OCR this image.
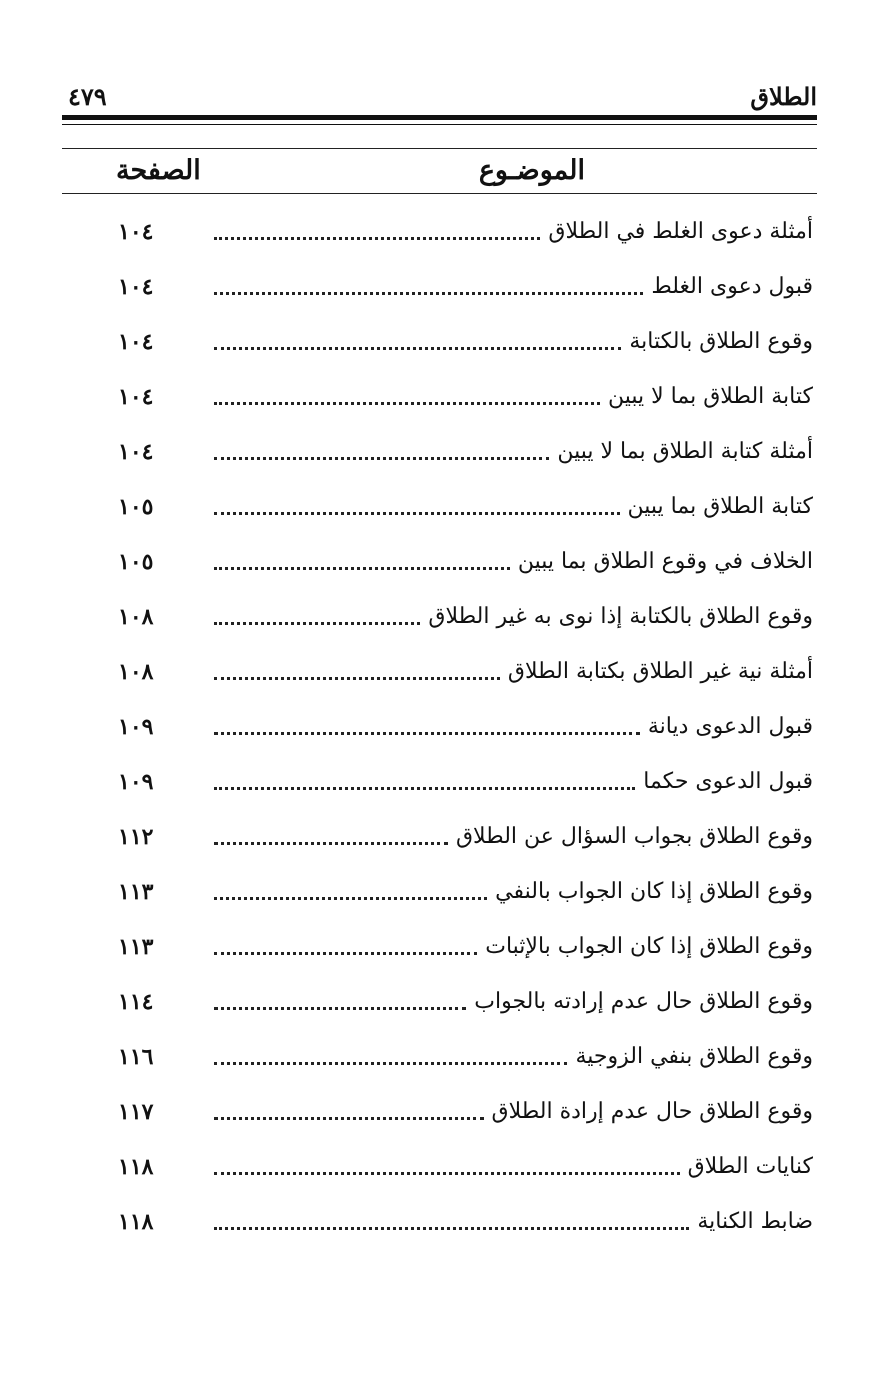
الطلاق
٤٧٩
الموضـوع
الصفحة
أمثلة دعوى الغلط في الطلاق
١٠٤
قبول دعوى الغلط
١٠٤
وقوع الطلاق بالكتابة
١٠٤
كتابة الطلاق بما لا يبين
١٠٤
أمثلة كتابة الطلاق بما لا يبين
١٠٤
كتابة الطلاق بما يبين
١٠٥
الخلاف في وقوع الطلاق بما يبين
١٠٥
وقوع الطلاق بالكتابة إذا نوى به غير الطلاق
١٠٨
أمثلة نية غير الطلاق بكتابة الطلاق
١٠٨
قبول الدعوى ديانة
١٠٩
قبول الدعوى حكما
١٠٩
وقوع الطلاق بجواب السؤال عن الطلاق
١١٢
وقوع الطلاق إذا كان الجواب بالنفي
١١٣
وقوع الطلاق إذا كان الجواب بالإثبات
١١٣
وقوع الطلاق حال عدم إرادته بالجواب
١١٤
وقوع الطلاق بنفي الزوجية
١١٦
وقوع الطلاق حال عدم إرادة الطلاق
١١٧
كنايات الطلاق
١١٨
ضابط الكناية
١١٨
